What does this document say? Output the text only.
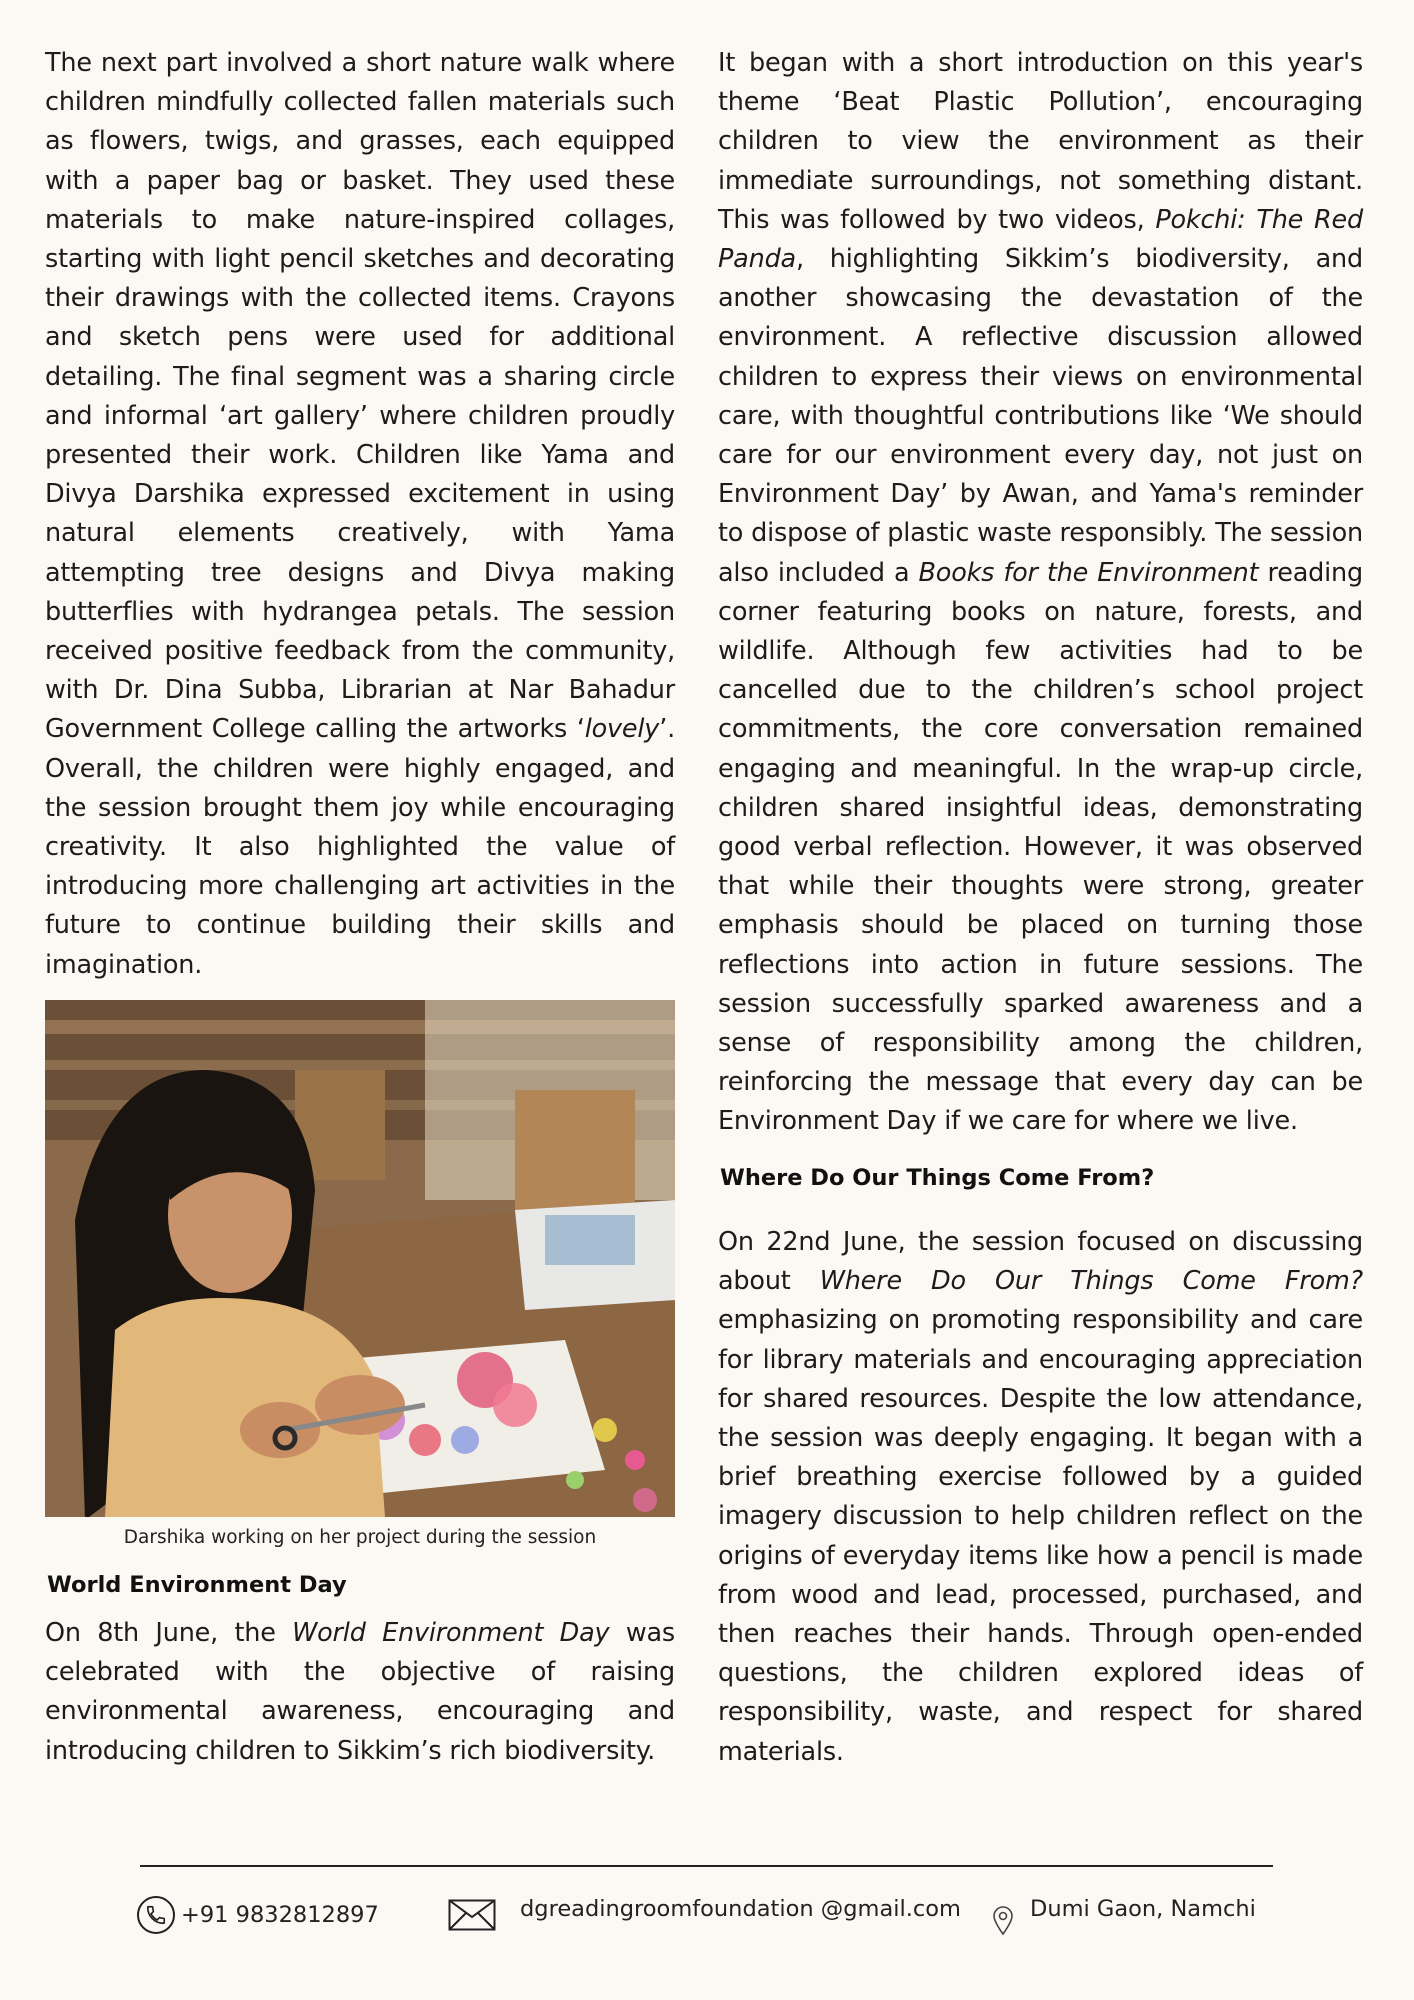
The next part involved a short nature walk where children mindfully collected fallen materials such as flowers, twigs, and grasses, each equipped with a paper bag or basket. They used these materials to make nature-inspired collages, starting with light pencil sketches and decorating their drawings with the collected items. Crayons and sketch pens were used for additional detailing. The final segment was a sharing circle and informal ‘art gallery’ where children proudly presented their work. Children like Yama and Divya Darshika expressed excitement in using natural elements creatively, with Yama attempting tree designs and Divya making butterflies with hydrangea petals. The session received positive feedback from the community, with Dr. Dina Subba, Librarian at Nar Bahadur Government College calling the artworks ‘lovely’. Overall, the children were highly engaged, and the session brought them joy while encouraging creativity. It also highlighted the value of introducing more challenging art activities in the future to continue building their skills and imagination.

Darshika working on her project during the session
World Environment Day

On 8th June, the World Environment Day was celebrated with the objective of raising environmental awareness, encouraging and introducing children to Sikkim’s rich biodiversity.

It began with a short introduction on this year's theme ‘Beat Plastic Pollution’, encouraging children to view the environment as their immediate surroundings, not something distant. This was followed by two videos, Pokchi: The Red Panda, highlighting Sikkim’s biodiversity, and another showcasing the devastation of the environment. A reflective discussion allowed children to express their views on environmental care, with thoughtful contributions like ‘We should care for our environment every day, not just on Environment Day’ by Awan, and Yama's reminder to dispose of plastic waste responsibly. The session also included a Books for the Environment reading corner featuring books on nature, forests, and wildlife. Although few activities had to be cancelled due to the children’s school project commitments, the core conversation remained engaging and meaningful. In the wrap-up circle, children shared insightful ideas, demonstrating good verbal reflection. However, it was observed that while their thoughts were strong, greater emphasis should be placed on turning those reflections into action in future sessions. The session successfully sparked awareness and a sense of responsibility among the children, reinforcing the message that every day can be Environment Day if we care for where we live.

Where Do Our Things Come From?

On 22nd June, the session focused on discussing about Where Do Our Things Come From? emphasizing on promoting responsibility and care for library materials and encouraging appreciation for shared resources. Despite the low attendance, the session was deeply engaging. It began with a brief breathing exercise followed by a guided imagery discussion to help children reflect on the origins of everyday items like how a pencil is made from wood and lead, processed, purchased, and then reaches their hands. Through open-ended questions, the children explored ideas of responsibility, waste, and respect for shared materials.

+91 9832812897	dgreadingroomfoundation @gmail.com	Dumi Gaon, Namchi
